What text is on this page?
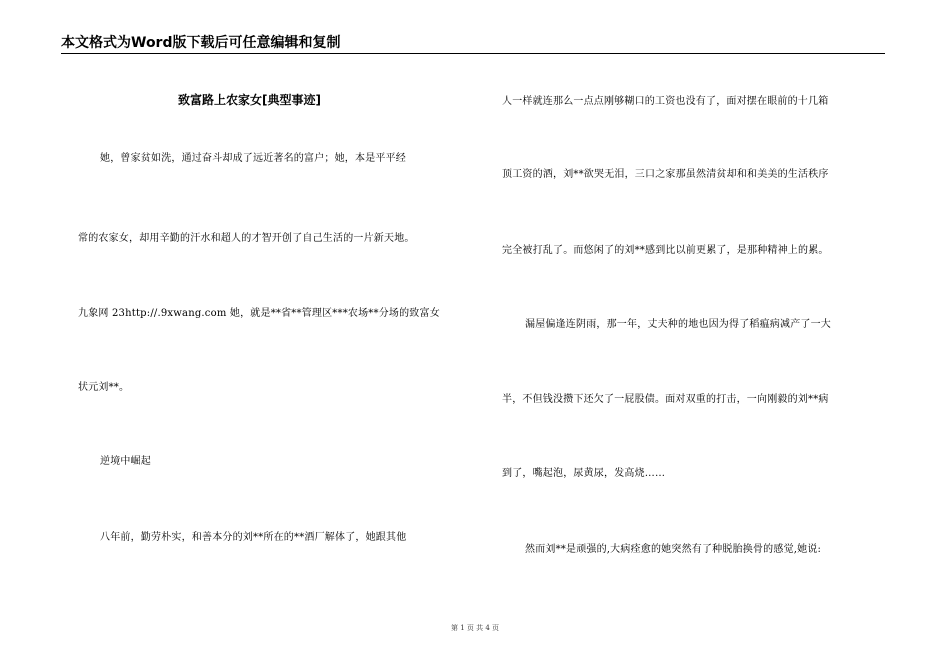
本文格式为Word版下载后可任意编辑和复制
致富路上农家女[典型事迹]
她，曾家贫如洗，通过奋斗却成了远近著名的富户；她，本是平平经
常的农家女，却用辛勤的汗水和超人的才智开创了自己生活的一片新天地。
九象网 23http://.9xwang.com 她，就是**省**管理区***农场**分场的致富女
状元刘**。
逆境中崛起
八年前，勤劳朴实，和善本分的刘**所在的**酒厂解体了，她跟其他
人一样就连那么一点点刚够糊口的工资也没有了，面对摆在眼前的十几箱
顶工资的酒，刘**欲哭无泪，三口之家那虽然清贫却和和美美的生活秩序
完全被打乱了。而悠闲了的刘**感到比以前更累了，是那种精神上的累。
漏屋偏逢连阴雨，那一年，丈夫种的地也因为得了稻瘟病减产了一大
半，不但钱没攒下还欠了一屁股债。面对双重的打击，一向刚毅的刘**病
到了，嘴起泡，尿黄尿，发高烧……
然而刘**是顽强的,大病痊愈的她突然有了种脱胎换骨的感觉,她说:
第 1 页 共 4 页
